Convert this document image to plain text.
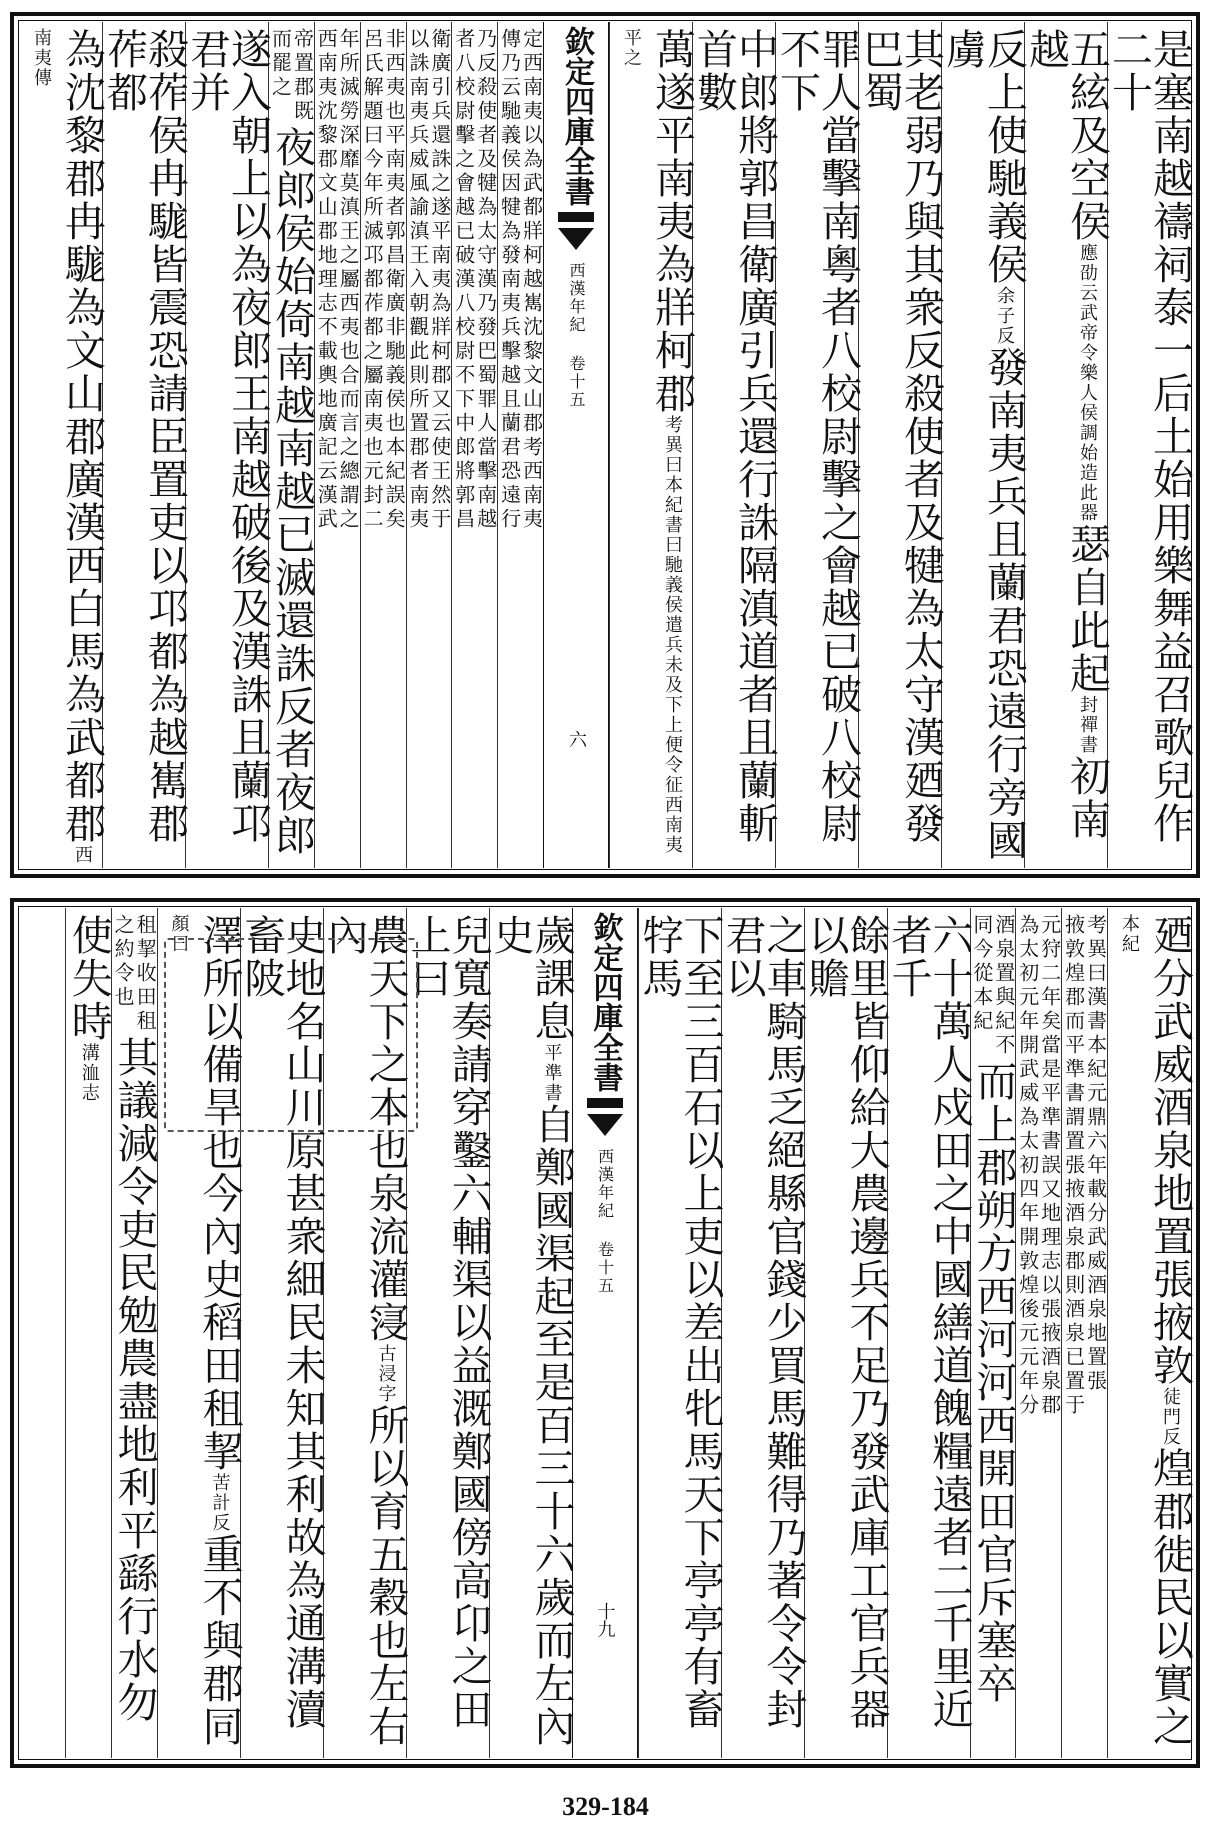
是塞南越禱祠泰一后土始用樂舞益召歌兒作二十
五絃及空侯應劭云武帝令樂人侯調始造此器瑟自此起封禪書初南越
反上使馳義侯余子反發南夷兵且蘭君恐遠行旁國虜
其老弱乃與其衆反殺使者及犍為太守漢廼發巴蜀
罪人當擊南粵者八校尉擊之會越已破八校尉不下
中郎將郭昌衛廣引兵還行誅隔滇道者且蘭斬首數
萬遂平南夷為牂柯郡考異曰本紀書曰馳義侯遣兵未及下上便令征西南夷平之
欽定四庫全書
西漢年紀 卷十五
六
定西南夷以為武都牂柯越嶲沈黎文山郡考西南夷
傳乃云馳義侯因犍為發南夷兵擊越且蘭君恐遠行
乃反殺使者及犍為太守漢乃發巴蜀罪人當擊南越
者八校尉擊之會越已破漢八校尉不下中郎將郭昌
衛廣引兵還誅之遂平南夷為牂柯郡又云使王然于
以誅南夷兵威風諭滇王入朝觀此則所置郡者南夷
非西夷也平南夷者郭昌衛廣非馳義侯也本紀誤矣
呂氏解題曰今年所滅邛都莋都之屬南夷也元封二
年所滅勞深靡莫滇王之屬西夷也合而言之總謂之
西南夷沈黎郡文山郡地理志不載輿地廣記云漢武
帝置郡既
而罷之
夜郎侯始倚南越南越已滅還誅反者夜郎
遂入朝上以為夜郎王南越破後及漢誅且蘭邛君并
殺莋侯冉駹皆震恐請臣置吏以邛都為越嶲郡莋都
為沈黎郡冉駹為文山郡廣漢西白馬為武都郡西南夷傳
廼分武威酒泉地置張掖敦徒門反煌郡徙民以實之本紀
考異曰漢書本紀元鼎六年載分武威酒泉地置張
掖敦煌郡而平準書謂置張掖酒泉郡則酒泉已置于
元狩二年矣當是平準書誤又地理志以張掖酒泉郡
為太初元年開武威為太初四年開敦煌後元元年分
酒泉置與紀不
同今從本紀
而上郡朔方西河河西開田官斥塞卒
六十萬人戍田之中國繕道餽糧遠者二千里近者千
餘里皆仰給大農邊兵不足乃發武庫工官兵器以贍
之車騎馬乏絕縣官錢少買馬難得乃著令令封君以
下至三百石以上吏以差出牝馬天下亭亭有畜牸馬
欽定四庫全書
西漢年紀 卷十五
十九
歲課息平準書自鄭國渠起至是百三十六歲而左內史
兒寬奏請穿鑿六輔渠以益溉鄭國傍高卬之田上曰
農天下之本也泉流灌寖古浸字所以育五穀也左右內
史地名山川原甚衆細民未知其利故為通溝瀆畜陂
澤所以備旱也今內史稻田租挈苦計反重不與郡同顏曰
租挈收田租
之約令也
其議減令吏民勉農盡地利平繇行水勿
使失時溝洫志
329-184
